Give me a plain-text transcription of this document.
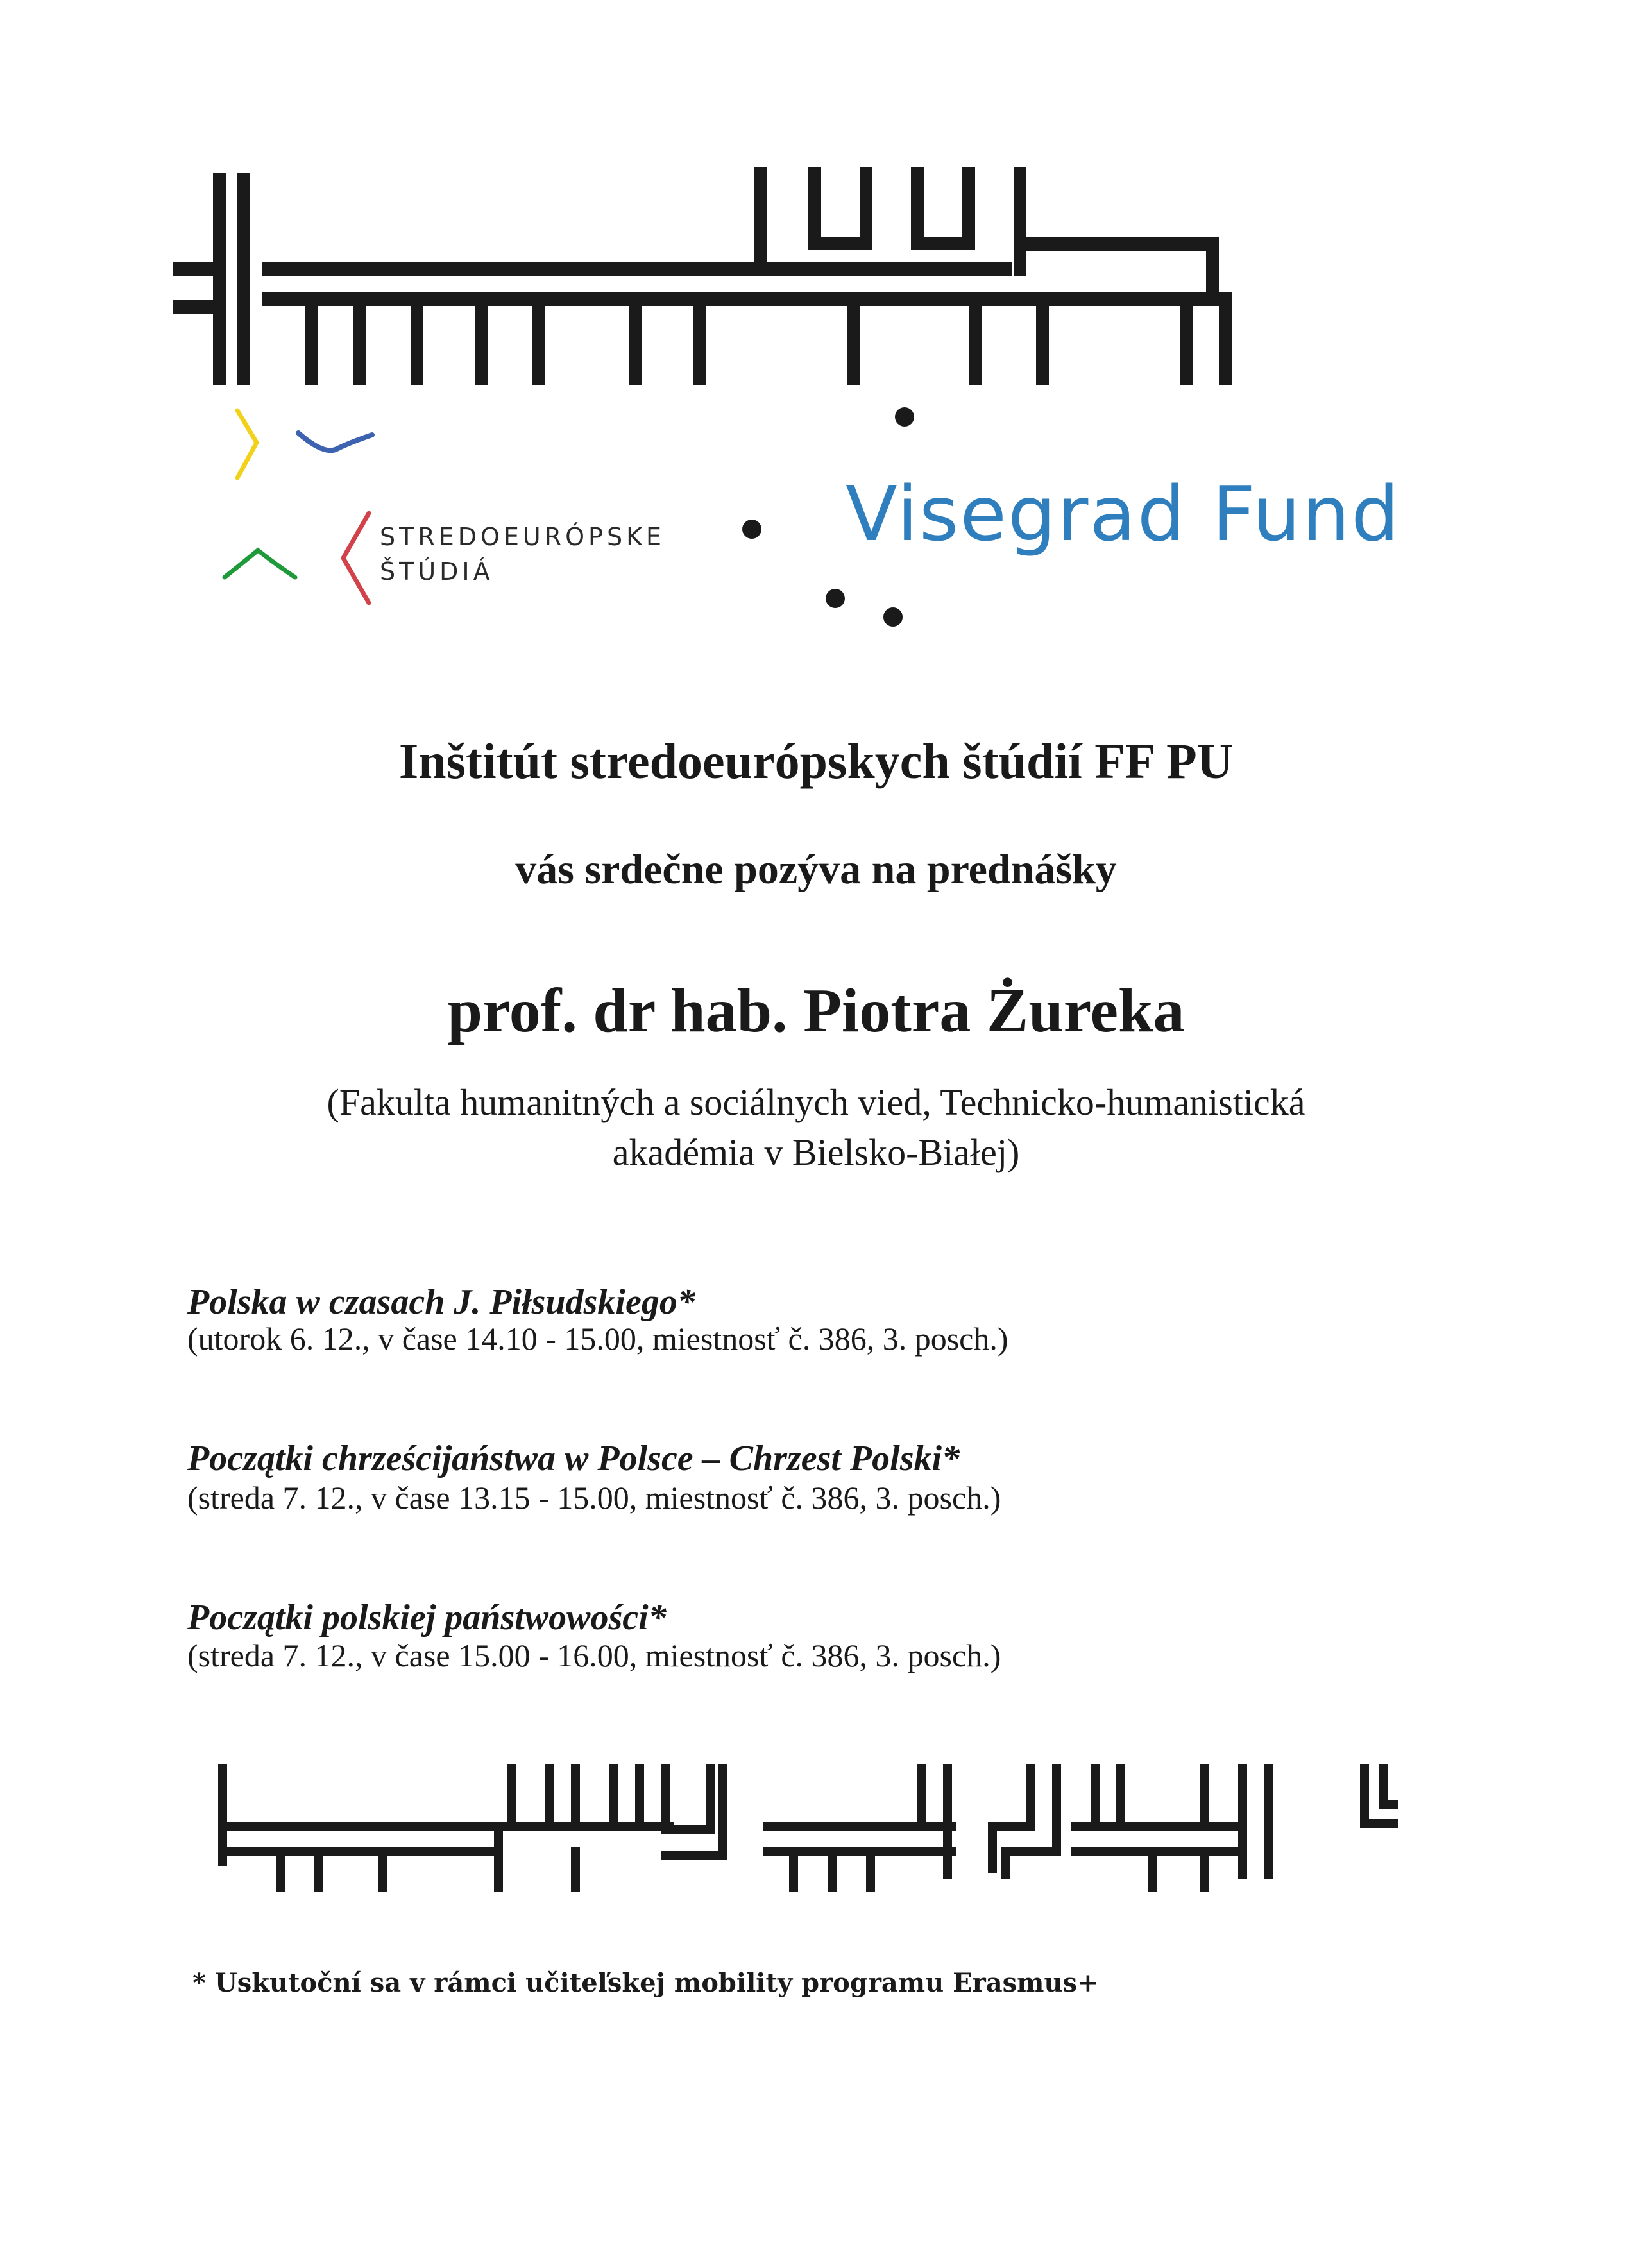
STREDOEURÓPSKE
ŠTÚDIÁ
Visegrad Fund
Inštitút stredoeurópskych štúdií FF PU
vás srdečne pozýva na prednášky
prof. dr hab. Piotra Żureka
(Fakulta humanitných a sociálnych vied, Technicko-humanistická
akadémia v Bielsko-Białej)
Polska w czasach J. Piłsudskiego*
(utorok 6. 12., v čase 14.10 - 15.00, miestnosť č. 386, 3. posch.)
Początki chrześcijaństwa w Polsce – Chrzest Polski*
(streda 7. 12., v čase 13.15 - 15.00, miestnosť č. 386, 3. posch.)
Początki polskiej państwowości*
(streda 7. 12., v čase 15.00 - 16.00, miestnosť č. 386, 3. posch.)
* Uskutoční sa v rámci učiteľskej mobility programu Erasmus+
